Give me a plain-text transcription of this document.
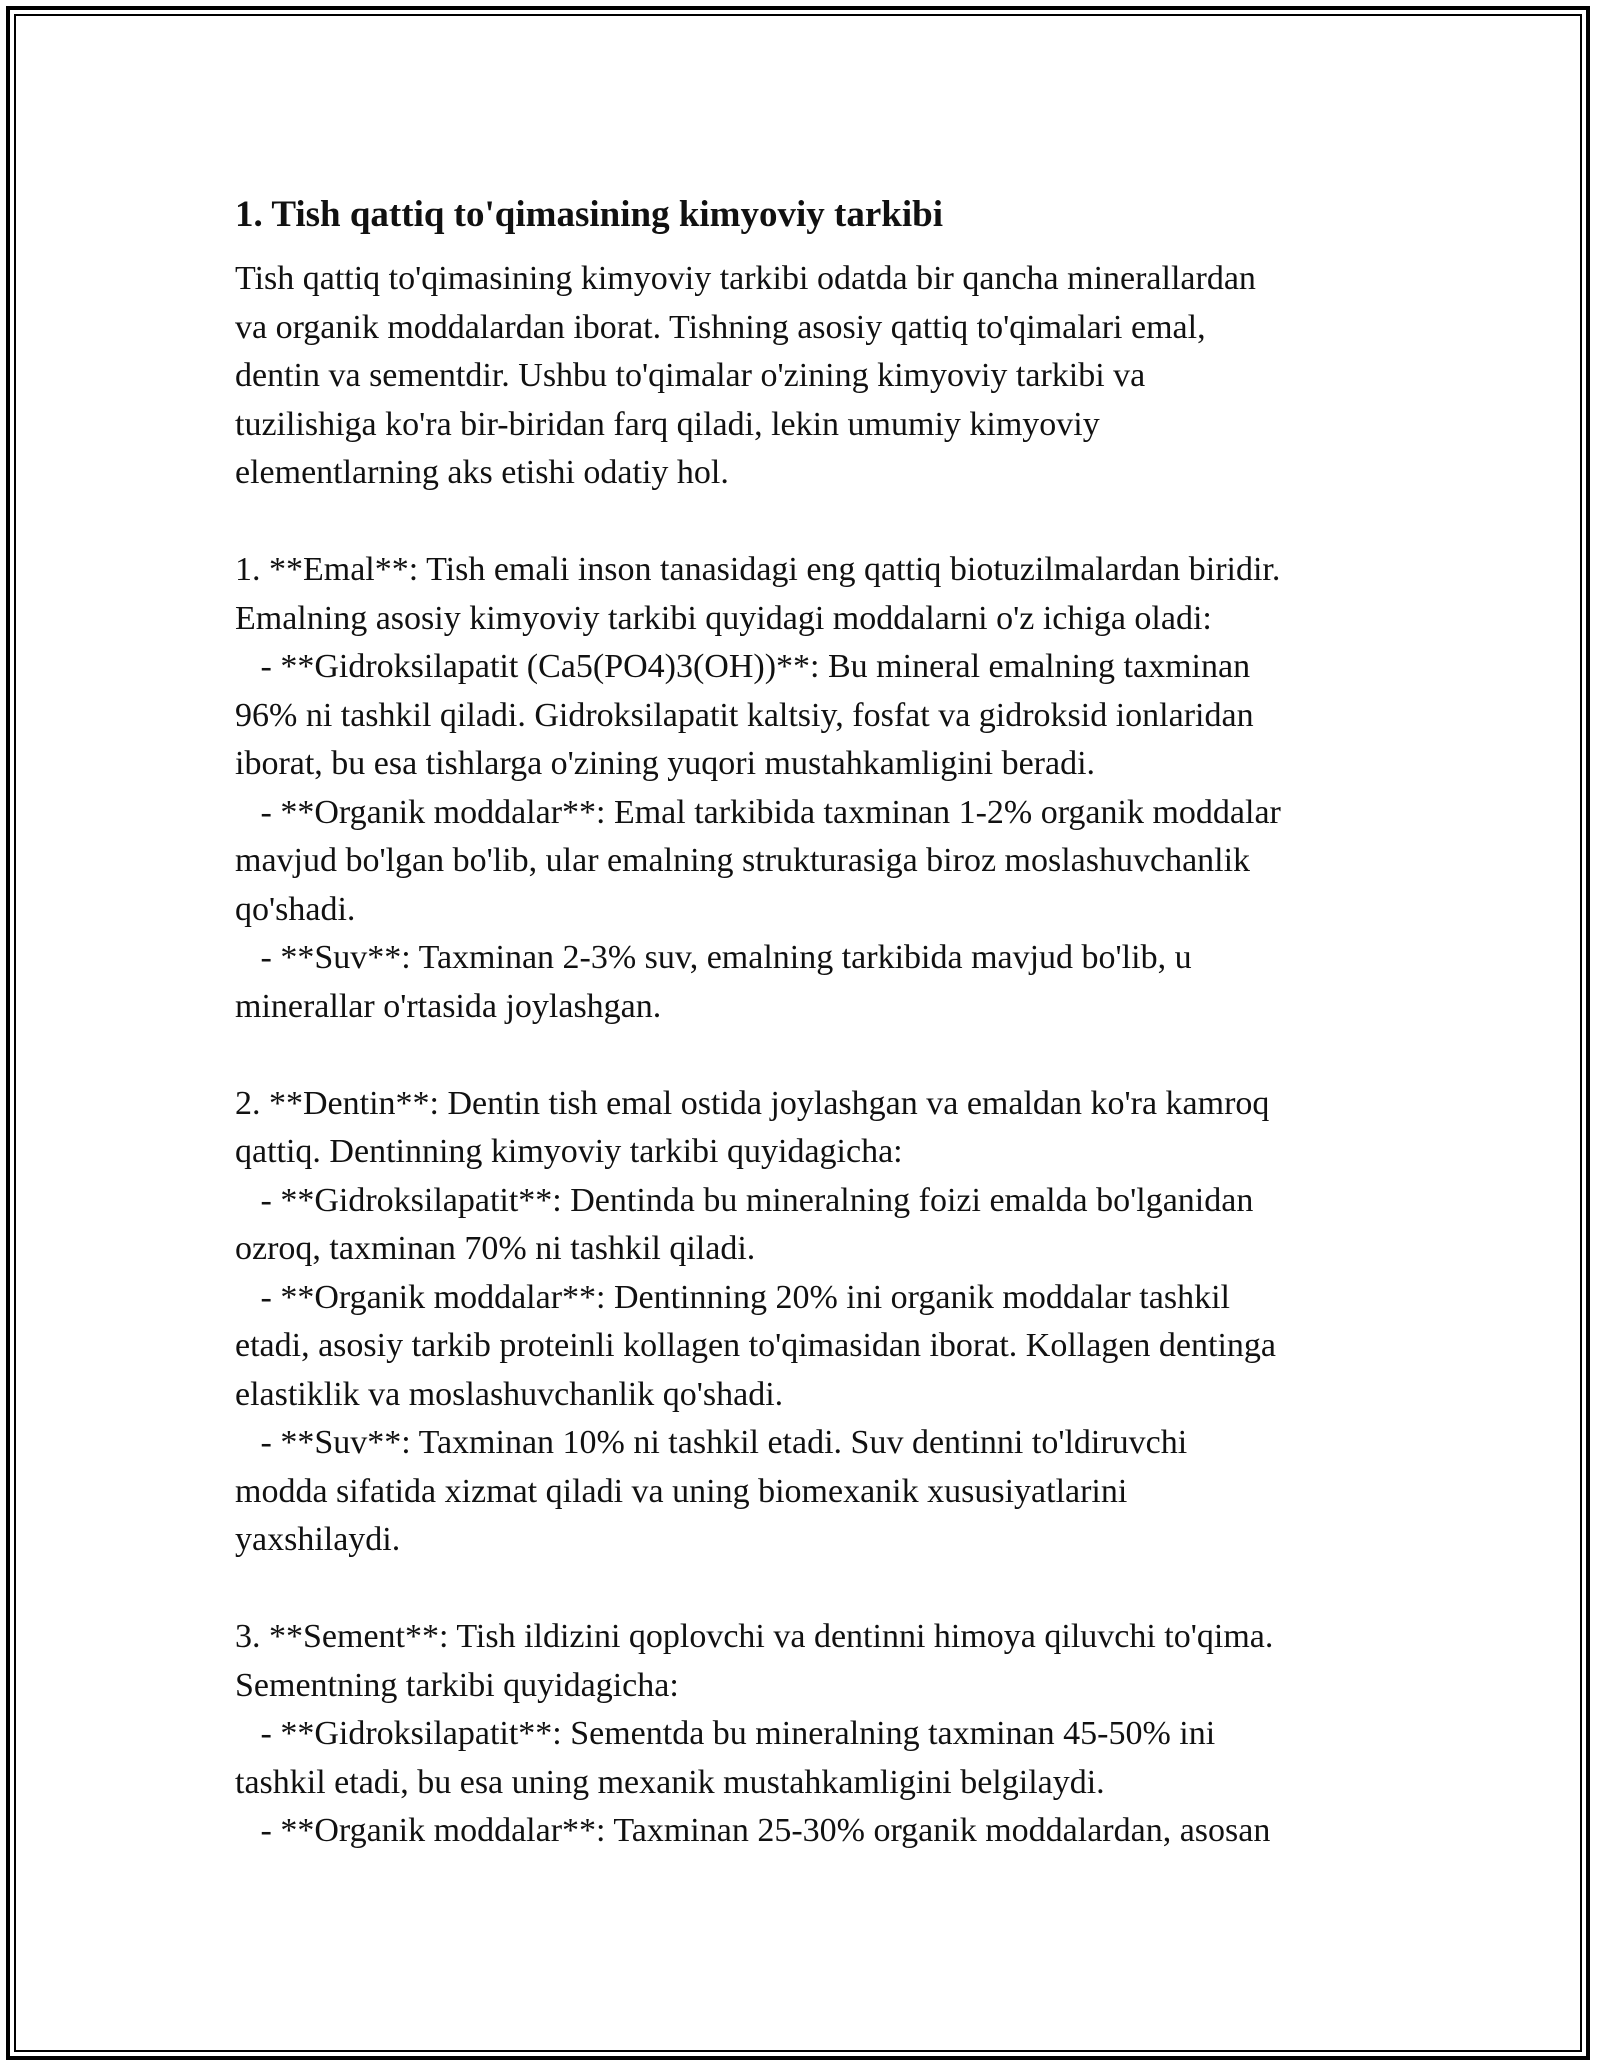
1. Tish qattiq to'qimasining kimyoviy tarkibi
Tish qattiq to'qimasining kimyoviy tarkibi odatda bir qancha minerallardan
va organik moddalardan iborat. Tishning asosiy qattiq to'qimalari emal,
dentin va sementdir. Ushbu to'qimalar o'zining kimyoviy tarkibi va
tuzilishiga ko'ra bir-biridan farq qiladi, lekin umumiy kimyoviy
elementlarning aks etishi odatiy hol.
1. **Emal**: Tish emali inson tanasidagi eng qattiq biotuzilmalardan biridir.
Emalning asosiy kimyoviy tarkibi quyidagi moddalarni o'z ichiga oladi:
- **Gidroksilapatit (Ca5(PO4)3(OH))**: Bu mineral emalning taxminan
96% ni tashkil qiladi. Gidroksilapatit kaltsiy, fosfat va gidroksid ionlaridan
iborat, bu esa tishlarga o'zining yuqori mustahkamligini beradi.
- **Organik moddalar**: Emal tarkibida taxminan 1-2% organik moddalar
mavjud bo'lgan bo'lib, ular emalning strukturasiga biroz moslashuvchanlik
qo'shadi.
- **Suv**: Taxminan 2-3% suv, emalning tarkibida mavjud bo'lib, u
minerallar o'rtasida joylashgan.
2. **Dentin**: Dentin tish emal ostida joylashgan va emaldan ko'ra kamroq
qattiq. Dentinning kimyoviy tarkibi quyidagicha:
- **Gidroksilapatit**: Dentinda bu mineralning foizi emalda bo'lganidan
ozroq, taxminan 70% ni tashkil qiladi.
- **Organik moddalar**: Dentinning 20% ini organik moddalar tashkil
etadi, asosiy tarkib proteinli kollagen to'qimasidan iborat. Kollagen dentinga
elastiklik va moslashuvchanlik qo'shadi.
- **Suv**: Taxminan 10% ni tashkil etadi. Suv dentinni to'ldiruvchi
modda sifatida xizmat qiladi va uning biomexanik xususiyatlarini
yaxshilaydi.
3. **Sement**: Tish ildizini qoplovchi va dentinni himoya qiluvchi to'qima.
Sementning tarkibi quyidagicha:
- **Gidroksilapatit**: Sementda bu mineralning taxminan 45-50% ini
tashkil etadi, bu esa uning mexanik mustahkamligini belgilaydi.
- **Organik moddalar**: Taxminan 25-30% organik moddalardan, asosan
